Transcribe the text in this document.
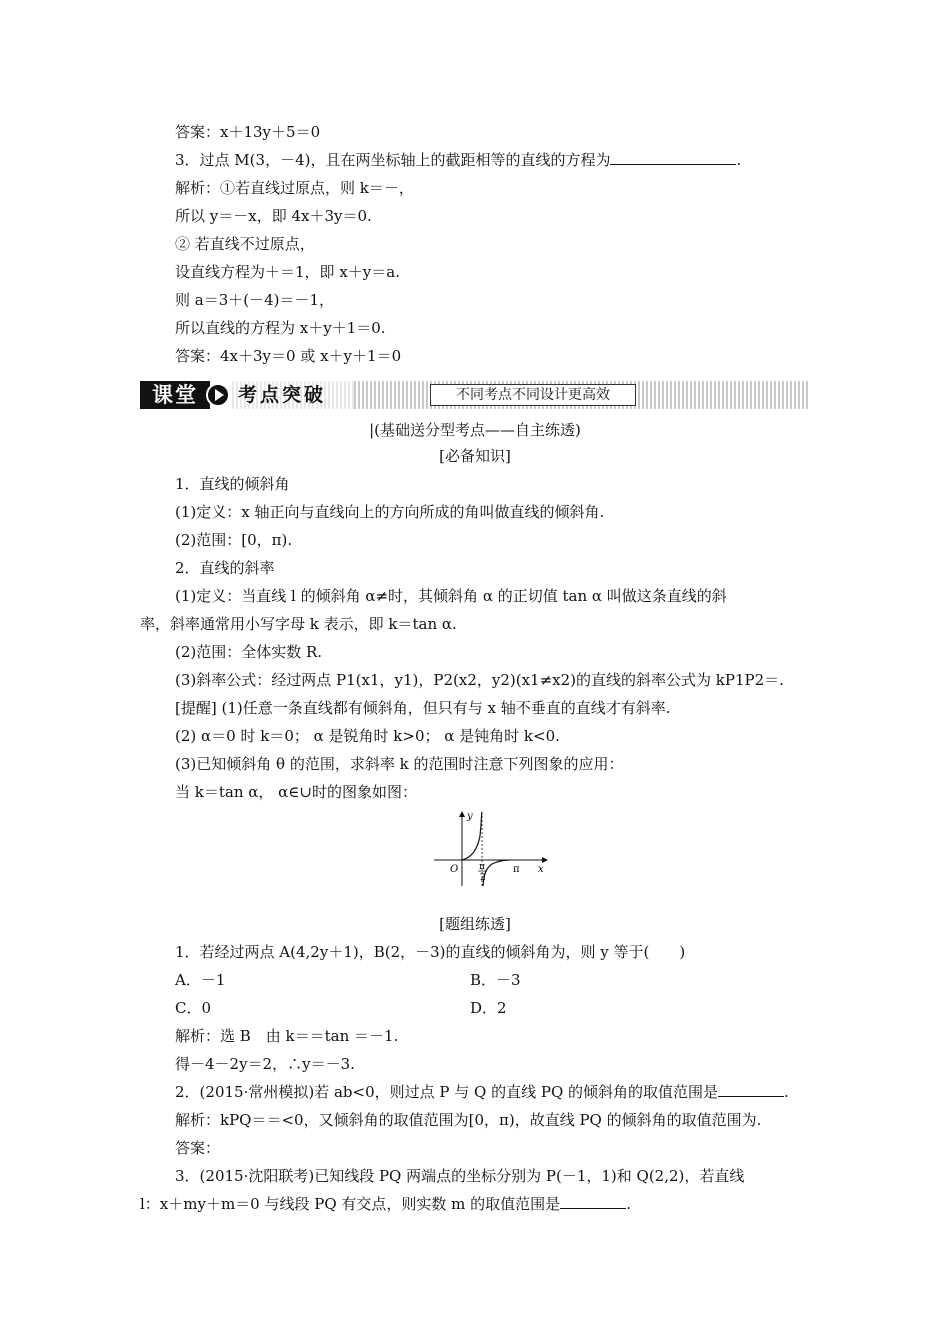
答案：x＋13y＋5＝0
3．过点 M(3，－4)，且在两坐标轴上的截距相等的直线的方程为	.
解析：①若直线过原点，则 k＝－，
所以 y＝－x，即 4x＋3y＝0.
② 若直线不过原点，
设直线方程为＋＝1，即 x＋y＝a.
则 a＝3＋(－4)＝－1，
所以直线的方程为 x＋y＋1＝0.
答案：4x＋3y＝0 或 x＋y＋1＝0
课堂	考点突破	不同考点不同设计更高效
|(基础送分型考点——自主练透)
[必备知识]
1．直线的倾斜角
(1)定义：x 轴正向与直线向上的方向所成的角叫做直线的倾斜角.
(2)范围：[0，π).
2．直线的斜率
(1)定义：当直线 l 的倾斜角 α≠时，其倾斜角 α 的正切值 tan α 叫做这条直线的斜
率，斜率通常用小写字母 k 表示，即 k＝tan α.
(2)范围：全体实数 R.
(3)斜率公式：经过两点 P1(x1，y1)，P2(x2，y2)(x1≠x2)的直线的斜率公式为 kP1P2＝.
[提醒] (1)任意一条直线都有倾斜角，但只有与 x 轴不垂直的直线才有斜率.
(2) α＝0 时 k＝0； α 是锐角时 k>0； α 是钝角时 k<0.
(3)已知倾斜角 θ 的范围，求斜率 k 的范围时注意下列图象的应用：
当 k＝tan α， α∈∪时的图象如图：
y
O π
2
π x
[题组练透]
1．若经过两点 A(4,2y＋1)，B(2，－3)的直线的倾斜角为，则 y 等于(　　)
A．－1	B．－3
C．0	D．2
解析：选 B　由 k＝＝tan ＝－1.
得－4－2y＝2，∴y＝－3.
2．(2015·常州模拟)若 ab<0，则过点 P 与 Q 的直线 PQ 的倾斜角的取值范围是	.
解析：kPQ＝＝<0，又倾斜角的取值范围为[0，π)，故直线 PQ 的倾斜角的取值范围为.
答案：
3．(2015·沈阳联考)已知线段 PQ 两端点的坐标分别为 P(－1，1)和 Q(2,2)，若直线
l：x＋my＋m＝0 与线段 PQ 有交点，则实数 m 的取值范围是	.
